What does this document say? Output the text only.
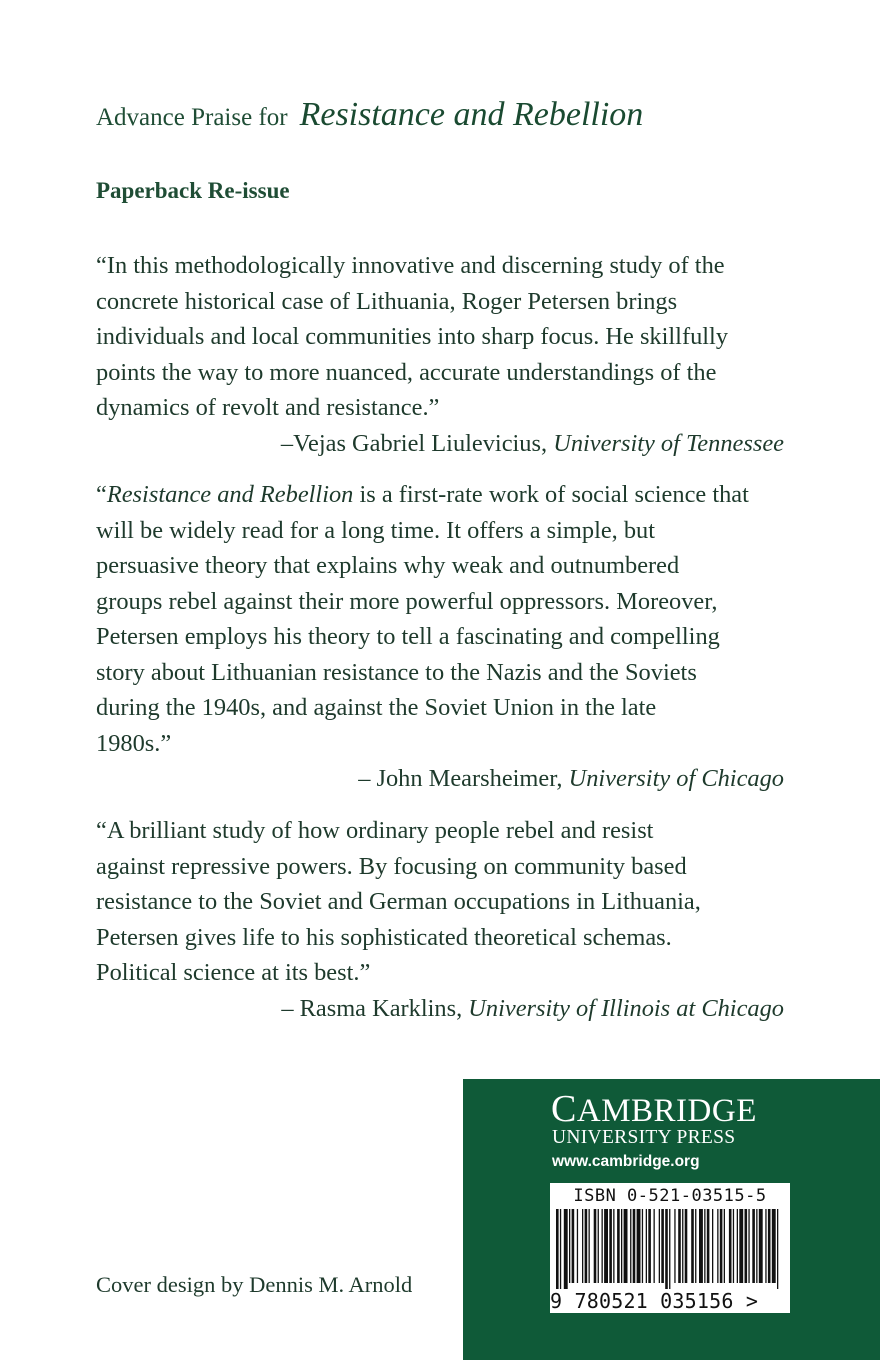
Advance Praise for Resistance and Rebellion
Paperback Re-issue

“In this methodologically innovative and discerning study of the

concrete historical case of Lithuania, Roger Petersen brings

individuals and local communities into sharp focus. He skillfully

points the way to more nuanced, accurate understandings of the

dynamics of revolt and resistance.”

–Vejas Gabriel Liulevicius, University of Tennessee

“Resistance and Rebellion is a first-rate work of social science that

will be widely read for a long time. It offers a simple, but

persuasive theory that explains why weak and outnumbered

groups rebel against their more powerful oppressors. Moreover,

Petersen employs his theory to tell a fascinating and compelling

story about Lithuanian resistance to the Nazis and the Soviets

during the 1940s, and against the Soviet Union in the late

1980s.”

– John Mearsheimer, University of Chicago

“A brilliant study of how ordinary people rebel and resist

against repressive powers. By focusing on community based

resistance to the Soviet and German occupations in Lithuania,

Petersen gives life to his sophisticated theoretical schemas.

Political science at its best.”

– Rasma Karklins, University of Illinois at Chicago

Cover design by Dennis M. Arnold
CAMBRIDGE
UNIVERSITY PRESS
www.cambridge.org
ISBN 0-521-03515-5
9 780521 035156 >
